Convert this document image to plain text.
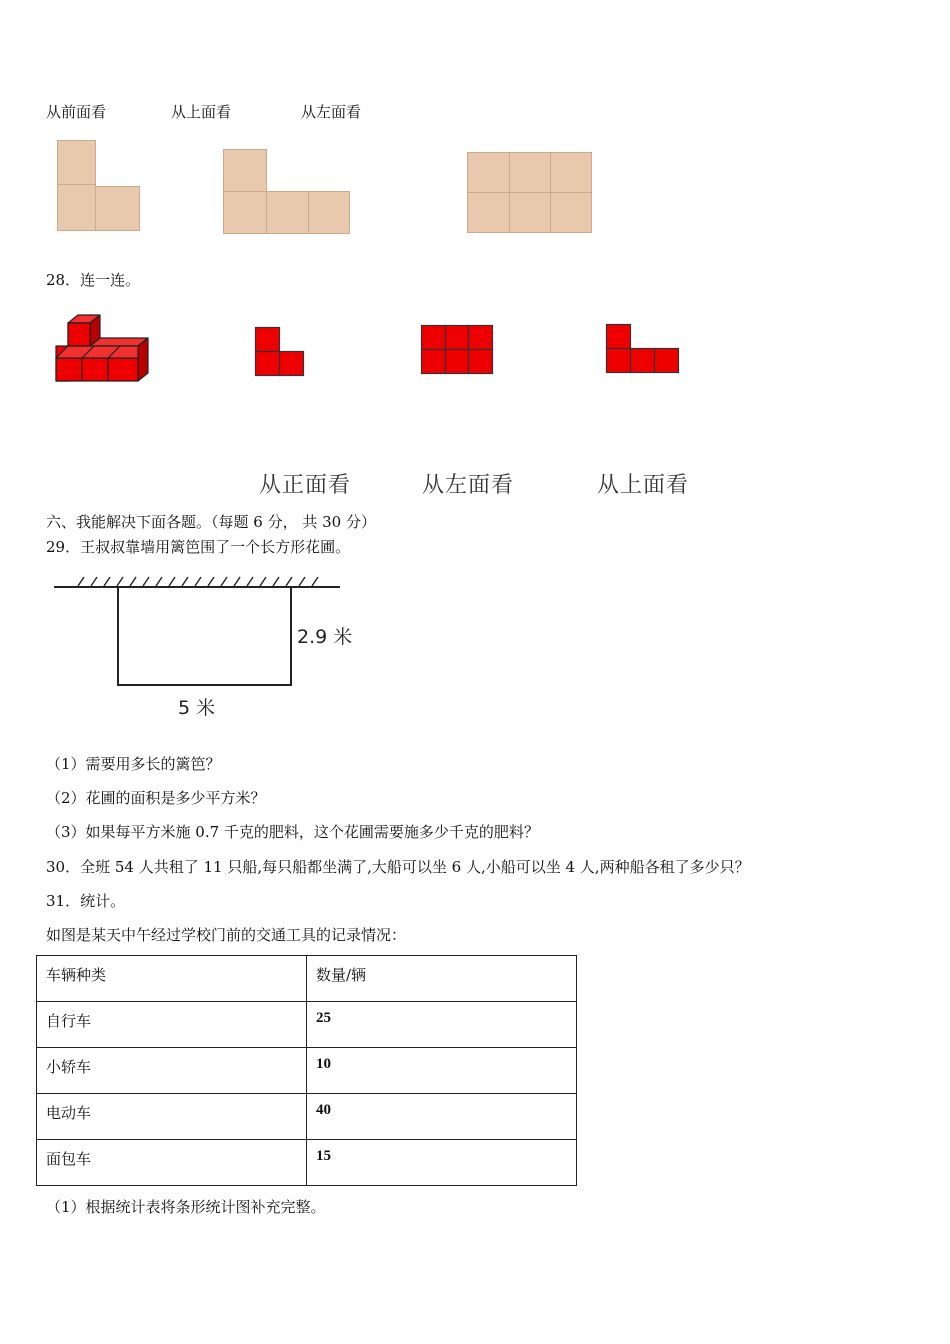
从前面看	从上面看	从左面看
28．连一连。
从正面看	从左面看	从上面看
六、我能解决下面各题。（每题 6 分， 共 30 分）
29．王叔叔靠墙用篱笆围了一个长方形花圃。
2.9 米
5 米
（1）需要用多长的篱笆？
（2）花圃的面积是多少平方米？
（3）如果每平方米施 0.7 千克的肥料，这个花圃需要施多少千克的肥料？
30．全班 54 人共租了 11 只船,每只船都坐满了,大船可以坐 6 人,小船可以坐 4 人,两种船各租了多少只？
31．统计。
如图是某天中午经过学校门前的交通工具的记录情况：
车辆种类	数量/辆
自行车	25
小轿车	10
电动车	40
面包车	15
（1）根据统计表将条形统计图补充完整。
